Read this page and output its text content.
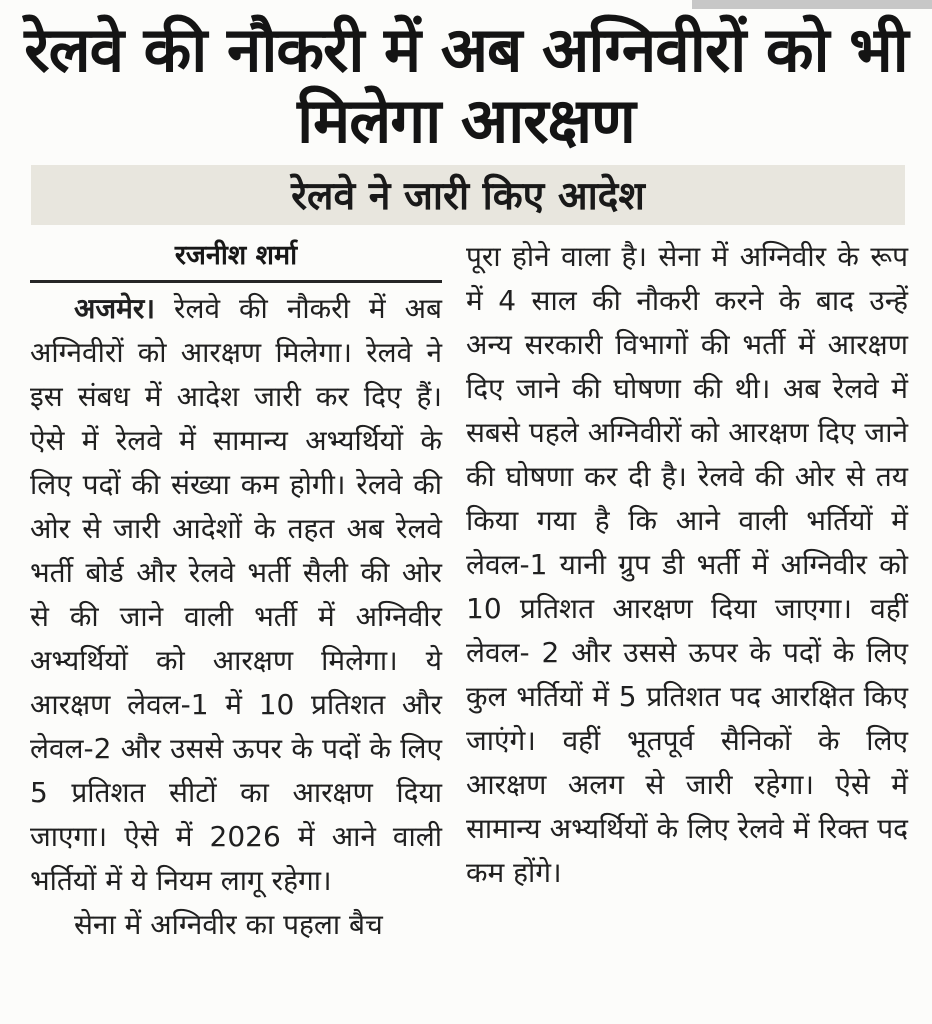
रेलवे की नौकरी में अब अग्निवीरों को भी मिलेगा आरक्षण
रेलवे ने जारी किए आदेश
रजनीश शर्मा

अजमेर। रेलवे की नौकरी में अब अग्निवीरों को आरक्षण मिलेगा। रेलवे ने इस संबध में आदेश जारी कर दिए हैं। ऐसे में रेलवे में सामान्य अभ्यर्थियों के लिए पदों की संख्या कम होगी। रेलवे की ओर से जारी आदेशों के तहत अब रेलवे भर्ती बोर्ड और रेलवे भर्ती सैली की ओर से की जाने वाली भर्ती में अग्निवीर अभ्यर्थियों को आरक्षण मिलेगा। ये आरक्षण लेवल-1 में 10 प्रतिशत और लेवल-2 और उससे ऊपर के पदों के लिए 5 प्रतिशत सीटों का आरक्षण दिया जाएगा। ऐसे में 2026 में आने वाली भर्तियों में ये नियम लागू रहेगा।

सेना में अग्निवीर का पहला बैच

पूरा होने वाला है। सेना में अग्निवीर के रूप में 4 साल की नौकरी करने के बाद उन्हें अन्य सरकारी विभागों की भर्ती में आरक्षण दिए जाने की घोषणा की थी। अब रेलवे में सबसे पहले अग्निवीरों को आरक्षण दिए जाने की घोषणा कर दी है। रेलवे की ओर से तय किया गया है कि आने वाली भर्तियों में लेवल-1 यानी ग्रुप डी भर्ती में अग्निवीर को 10 प्रतिशत आरक्षण दिया जाएगा। वहीं लेवल- 2 और उससे ऊपर के पदों के लिए कुल भर्तियों में 5 प्रतिशत पद आरक्षित किए जाएंगे। वहीं भूतपूर्व सैनिकों के लिए आरक्षण अलग से जारी रहेगा। ऐसे में सामान्य अभ्यर्थियों के लिए रेलवे में रिक्त पद कम होंगे।
